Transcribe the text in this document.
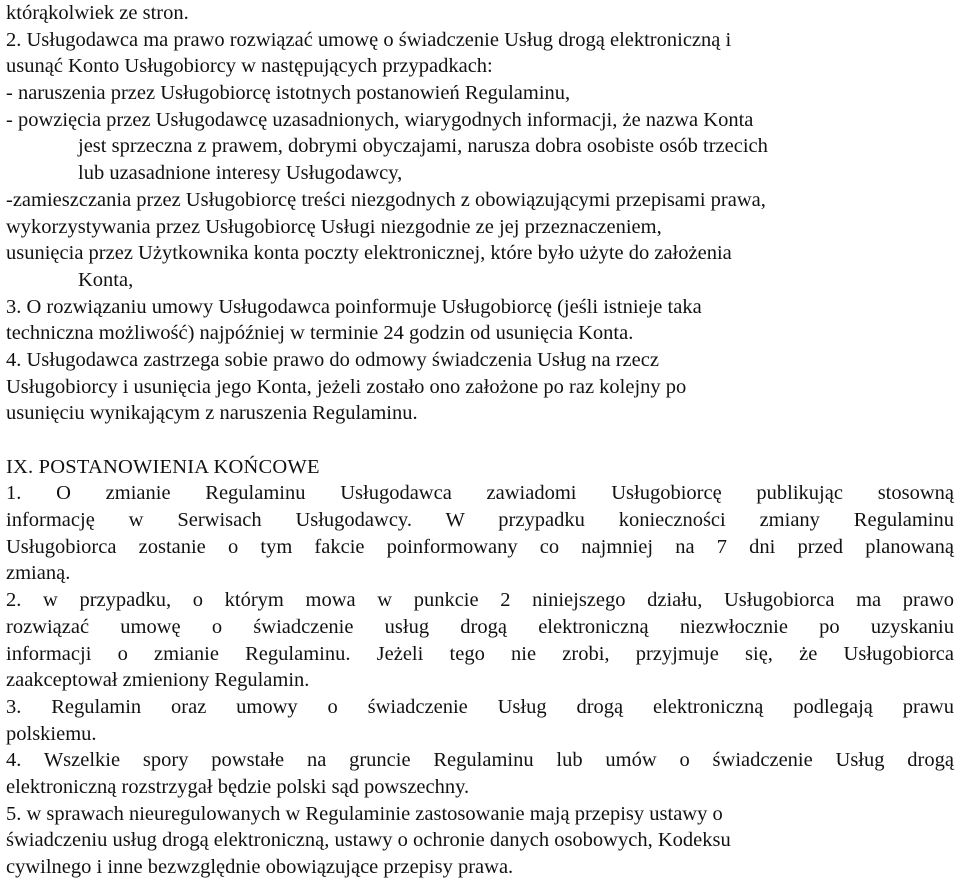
którąkolwiek ze stron.
2. Usługodawca ma prawo rozwiązać umowę o świadczenie Usług drogą elektroniczną i
usunąć Konto Usługobiorcy w następujących przypadkach:
- naruszenia przez Usługobiorcę istotnych postanowień Regulaminu,
- powzięcia przez Usługodawcę uzasadnionych, wiarygodnych informacji, że nazwa Konta
jest sprzeczna z prawem, dobrymi obyczajami, narusza dobra osobiste osób trzecich
lub uzasadnione interesy Usługodawcy,
-zamieszczania przez Usługobiorcę treści niezgodnych z obowiązującymi przepisami prawa,
wykorzystywania przez Usługobiorcę Usługi niezgodnie ze jej przeznaczeniem,
usunięcia przez Użytkownika konta poczty elektronicznej, które było użyte do założenia
Konta,
3. O rozwiązaniu umowy Usługodawca poinformuje Usługobiorcę (jeśli istnieje taka
techniczna możliwość) najpóźniej w terminie 24 godzin od usunięcia Konta.
4. Usługodawca zastrzega sobie prawo do odmowy świadczenia Usług na rzecz
Usługobiorcy i usunięcia jego Konta, jeżeli zostało ono założone po raz kolejny po
usunięciu wynikającym z naruszenia Regulaminu.
IX. POSTANOWIENIA KOŃCOWE
1. O zmianie Regulaminu Usługodawca zawiadomi Usługobiorcę publikując stosowną
informację w Serwisach Usługodawcy. W przypadku konieczności zmiany Regulaminu
Usługobiorca zostanie o tym fakcie poinformowany co najmniej na 7 dni przed planowaną
zmianą.
2. w przypadku, o którym mowa w punkcie 2 niniejszego działu, Usługobiorca ma prawo
rozwiązać umowę o świadczenie usług drogą elektroniczną niezwłocznie po uzyskaniu
informacji o zmianie Regulaminu. Jeżeli tego nie zrobi, przyjmuje się, że Usługobiorca
zaakceptował zmieniony Regulamin.
3. Regulamin oraz umowy o świadczenie Usług drogą elektroniczną podlegają prawu
polskiemu.
4. Wszelkie spory powstałe na gruncie Regulaminu lub umów o świadczenie Usług drogą
elektroniczną rozstrzygał będzie polski sąd powszechny.
5. w sprawach nieuregulowanych w Regulaminie zastosowanie mają przepisy ustawy o
świadczeniu usług drogą elektroniczną, ustawy o ochronie danych osobowych, Kodeksu
cywilnego i inne bezwzględnie obowiązujące przepisy prawa.
